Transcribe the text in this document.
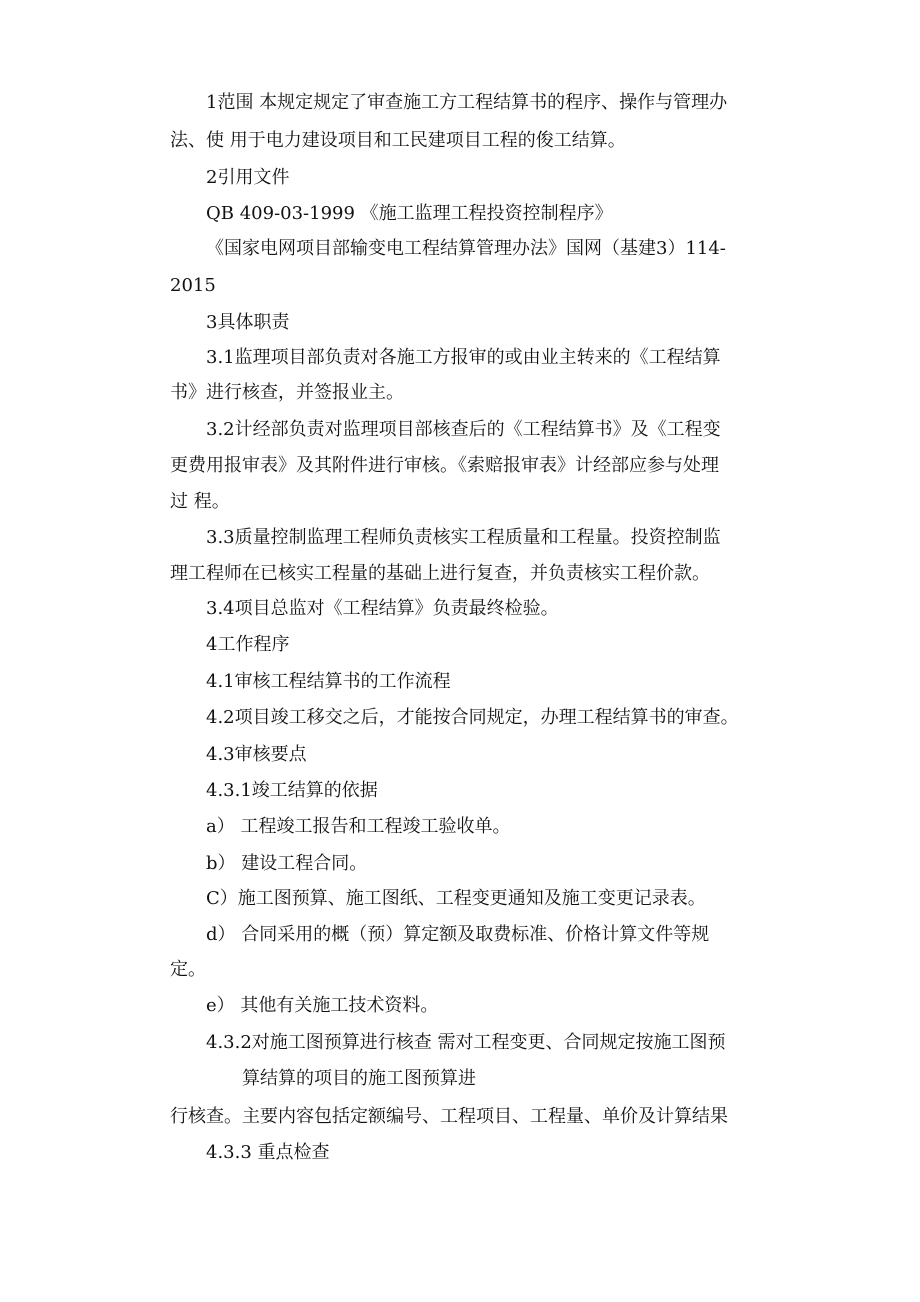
1范围 本规定规定了审查施工方工程结算书的程序、操作与管理办

法、使 用于电力建设项目和工民建项目工程的俊工结算。

2引用文件

QB 409-03-1999 《施工监理工程投资控制程序》

《国家电网项目部输变电工程结算管理办法》国网（基建3）114-

2015

3具体职责

3.1监理项目部负责对各施工方报审的或由业主转来的《工程结算

书》进行核查，并签报业主。

3.2计经部负责对监理项目部核查后的《工程结算书》及《工程变

更费用报审表》及其附件进行审核。《索赔报审表》计经部应参与处理

过 程。

3.3质量控制监理工程师负责核实工程质量和工程量。投资控制监

理工程师在已核实工程量的基础上进行复查，并负责核实工程价款。

3.4项目总监对《工程结算》负责最终检验。

4工作程序

4.1审核工程结算书的工作流程

4.2项目竣工移交之后，才能按合同规定，办理工程结算书的审查。

4.3审核要点

4.3.1竣工结算的依据

a） 工程竣工报告和工程竣工验收单。

b） 建设工程合同。

C）施工图预算、施工图纸、工程变更通知及施工变更记录表。

d） 合同采用的概（预）算定额及取费标准、价格计算文件等规

定。

e） 其他有关施工技术资料。

4.3.2对施工图预算进行核查 需对工程变更、合同规定按施工图预

算结算的项目的施工图预算进

行核查。主要内容包括定额编号、工程项目、工程量、单价及计算结果

4.3.3 重点检查
